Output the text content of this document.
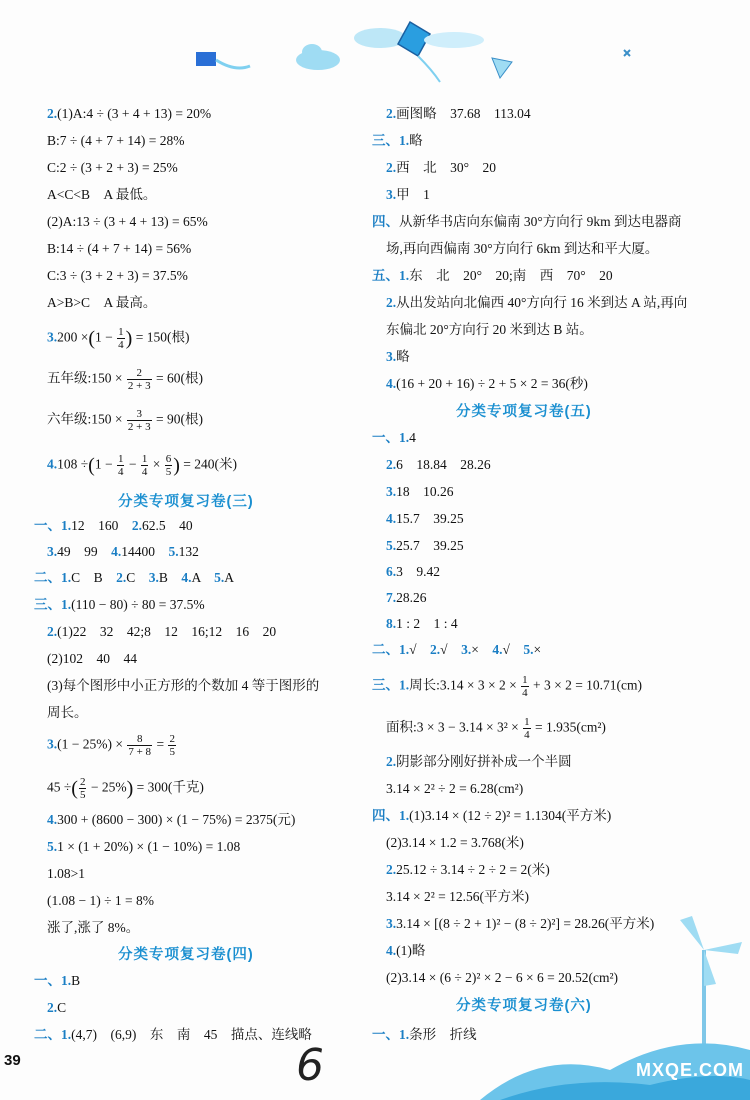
2.(1)A:4 ÷ (3 + 4 + 13) = 20%
B:7 ÷ (4 + 7 + 14) = 28%
C:2 ÷ (3 + 2 + 3) = 25%
A<C<B　A 最低。
(2)A:13 ÷ (3 + 4 + 13) = 65%
B:14 ÷ (4 + 7 + 14) = 56%
C:3 ÷ (3 + 2 + 3) = 37.5%
A>B>C　A 最高。
$3.200 \times(1 - \frac{1}{4}$ ) = 150(根)
五年级:150 × $\frac{2}{2 + 3} = 60$(根)
六年级:150 × $\frac{3}{2 + 3} = 90$(根)
$4.108 \div(1 - \frac{1}{4} - \frac{1}{4} \times \frac{6}{5}$ ) = 240(米)
分类专项复习卷(三)
一、1.12　160　 2.62.5　40
3.49　99　 4.14400　 5.132
二、1.C　B　 2.C　 3.B　 4.A　 5.A
三、1.(110 − 80) ÷ 80 = 37.5%
2.(1)22　32　42;8　12　16;12　16　20
(2)102　40　44
(3)每个图形中小正方形的个数加 4 等于图形的
周长。
$3.(1 - 25\%) \times \frac{8}{7 + 8} = \frac{2}{5}$
45 ÷( $\frac{2}{5} - 25\%) = 300$(千克)
4.300 + (8600 − 300) × (1 − 75%) = 2375(元)
5.1 × (1 + 20%) × (1 − 10%) = 1.08
1.08>1
(1.08 − 1) ÷ 1 = 8%
涨了,涨了 8%。
分类专项复习卷(四)
一、1.B
2.C
二、1.(4,7)　(6,9)　东　南　45　描点、连线略
2.画图略　37.68　113.04
三、1.略
2.西　北　30°　20
3.甲　1
四、从新华书店向东偏南 30°方向行 9km 到达电器商
场,再向西偏南 30°方向行 6km 到达和平大厦。
五、1.东　北　20°　20;南　西　70°　20
2.从出发站向北偏西 40°方向行 16 米到达 A 站,再向
东偏北 20°方向行 20 米到达 B 站。
3.略
4.(16 + 20 + 16) ÷ 2 + 5 × 2 = 36(秒)
分类专项复习卷(五)
一、1.4
2.6　18.84　28.26
3.18　10.26
4.15.7　39.25
5.25.7　39.25
6.3　9.42
7.28.26
8.1 : 2　1 : 4
二、1.√　 2.√　 3.×　 4.√　 5.×
三、1.周长:3.14 × $3 \times 2 \times \frac{1}{4} + 3 \times 2 = 10.71(cm)$
面积:3 × $3 - 3.14 \times 3^2 \times \frac{1}{4} = 1.935(cm^2)$
2.阴影部分刚好拼补成一个半圆
3.14 × 2² ÷ 2 = 6.28(cm²)
四、1.(1)3.14 × (12 ÷ 2)² = 1.1304(平方米)
(2)3.14 × 1.2 = 3.768(米)
2.25.12 ÷ 3.14 ÷ 2 ÷ 2 = 2(米)
3.14 × 2² = 12.56(平方米)
3.3.14 × [(8 ÷ 2 + 1)² − (8 ÷ 2)²] = 28.26(平方米)
4.(1)略
(2)3.14 × (6 ÷ 2)² × 2 − 6 × 6 = 20.52(cm²)
分类专项复习卷(六)
一、1.条形　折线
39	6	MXQE.COM
